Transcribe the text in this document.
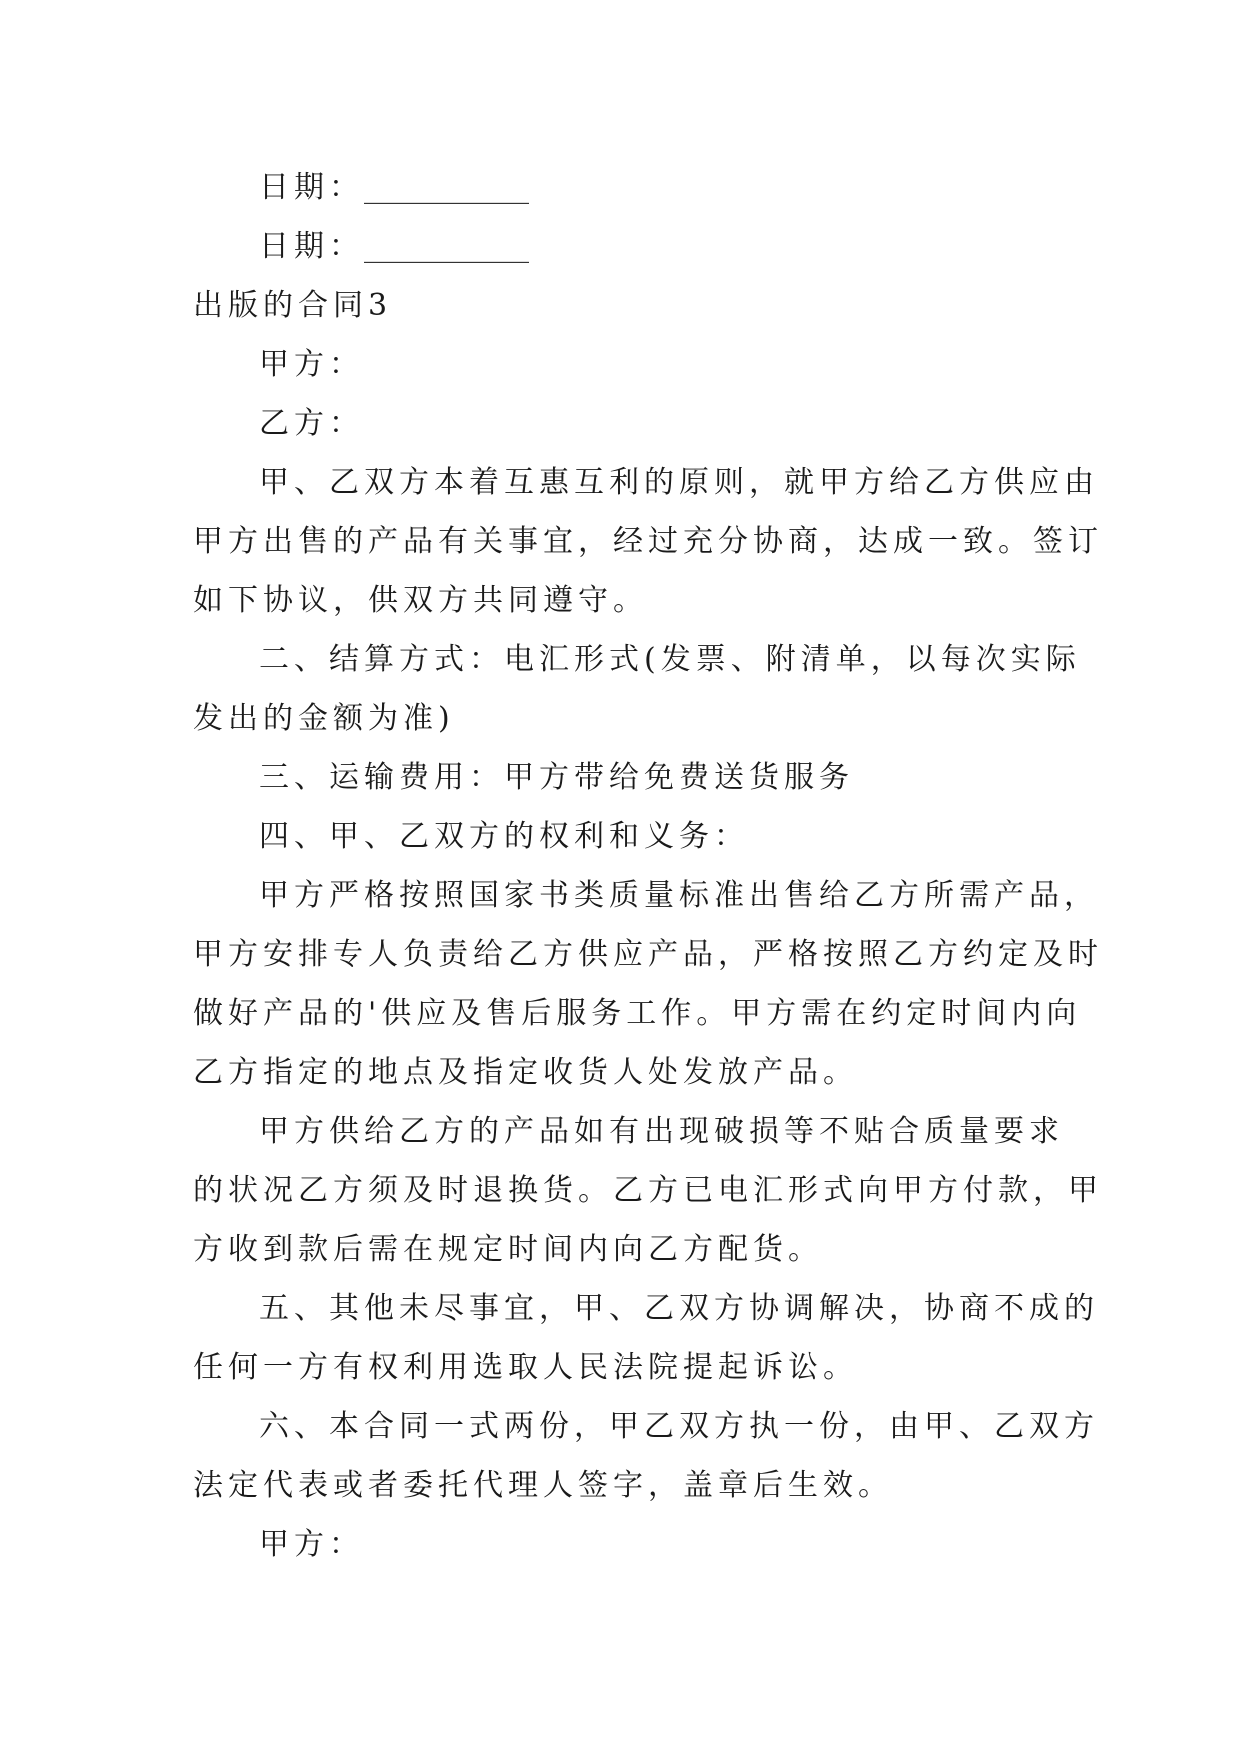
日期：___________
日期：___________
出版的合同3
甲方：
乙方：
甲、乙双方本着互惠互利的原则，就甲方给乙方供应由
甲方出售的产品有关事宜，经过充分协商，达成一致。签订
如下协议，供双方共同遵守。
二、结算方式：电汇形式(发票、附清单，以每次实际
发出的金额为准)
三、运输费用：甲方带给免费送货服务
四、甲、乙双方的权利和义务：
甲方严格按照国家书类质量标准出售给乙方所需产品，
甲方安排专人负责给乙方供应产品，严格按照乙方约定及时
做好产品的'供应及售后服务工作。甲方需在约定时间内向
乙方指定的地点及指定收货人处发放产品。
甲方供给乙方的产品如有出现破损等不贴合质量要求
的状况乙方须及时退换货。乙方已电汇形式向甲方付款，甲
方收到款后需在规定时间内向乙方配货。
五、其他未尽事宜，甲、乙双方协调解决，协商不成的
任何一方有权利用选取人民法院提起诉讼。
六、本合同一式两份，甲乙双方执一份，由甲、乙双方
法定代表或者委托代理人签字，盖章后生效。
甲方：
